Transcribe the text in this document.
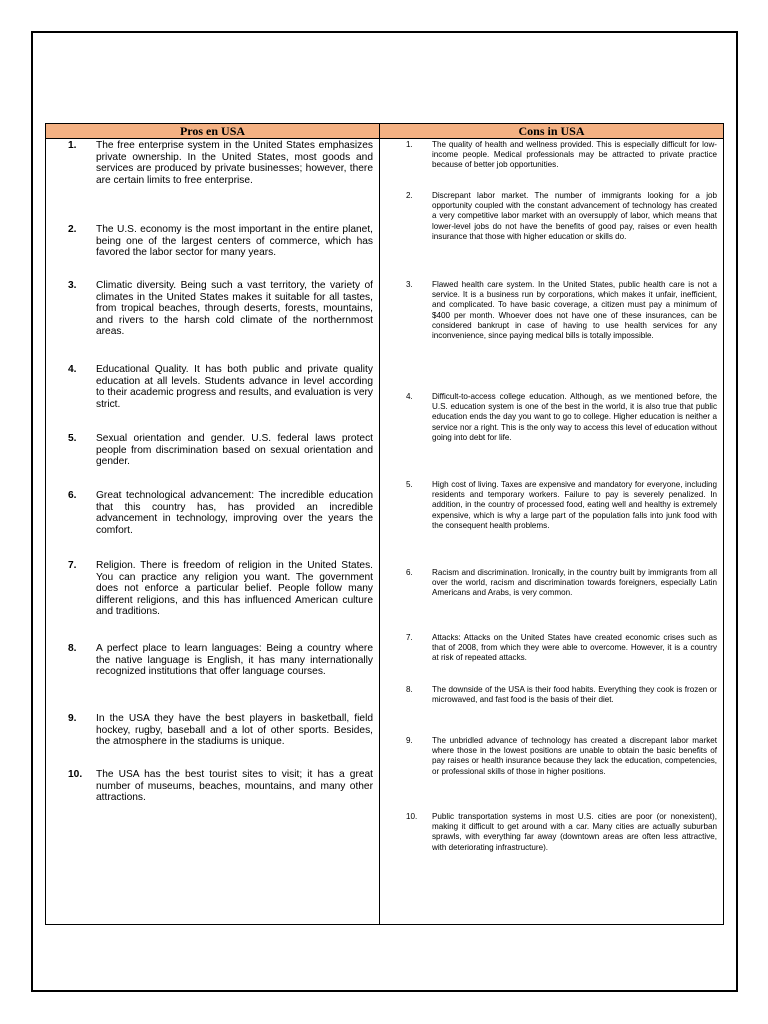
Pros en USA
1.	The free enterprise system in the United States emphasizes private ownership. In the United States, most goods and services are produced by private businesses; however, there are certain limits to free enterprise.
2.	The U.S. economy is the most important in the entire planet, being one of the largest centers of commerce, which has favored the labor sector for many years.
3.	Climatic diversity. Being such a vast territory, the variety of climates in the United States makes it suitable for all tastes, from tropical beaches, through deserts, forests, mountains, and rivers to the harsh cold climate of the northernmost areas.
4.	Educational Quality. It has both public and private quality education at all levels. Students advance in level according to their academic progress and results, and evaluation is very strict.
5.	Sexual orientation and gender. U.S. federal laws protect people from discrimination based on sexual orientation and gender.
6.	Great technological advancement: The incredible education that this country has, has provided an incredible advancement in technology, improving over the years the comfort.
7.	Religion. There is freedom of religion in the United States. You can practice any religion you want. The government does not enforce a particular belief. People follow many different religions, and this has influenced American culture and traditions.
8.	A perfect place to learn languages: Being a country where the native language is English, it has many internationally recognized institutions that offer language courses.
9.	In the USA they have the best players in basketball, field hockey, rugby, baseball and a lot of other sports. Besides, the atmosphere in the stadiums is unique.
10.	The USA has the best tourist sites to visit; it has a great number of museums, beaches, mountains, and many other attractions.
Cons in USA
1.	The quality of health and wellness provided. This is especially difficult for low-income people. Medical professionals may be attracted to private practice because of better job opportunities.
2.	Discrepant labor market. The number of immigrants looking for a job opportunity coupled with the constant advancement of technology has created a very competitive labor market with an oversupply of labor, which means that lower-level jobs do not have the benefits of good pay, raises or even health insurance that those with higher education or skills do.
3.	Flawed health care system. In the United States, public health care is not a service. It is a business run by corporations, which makes it unfair, inefficient, and complicated. To have basic coverage, a citizen must pay a minimum of $400 per month. Whoever does not have one of these insurances, can be considered bankrupt in case of having to use health services for any inconvenience, since paying medical bills is totally impossible.
4.	Difficult-to-access college education. Although, as we mentioned before, the U.S. education system is one of the best in the world, it is also true that public education ends the day you want to go to college. Higher education is neither a service nor a right. This is the only way to access this level of education without going into debt for life.
5.	High cost of living. Taxes are expensive and mandatory for everyone, including residents and temporary workers. Failure to pay is severely penalized. In addition, in the country of processed food, eating well and healthy is extremely expensive, which is why a large part of the population falls into junk food with the consequent health problems.
6.	Racism and discrimination. Ironically, in the country built by immigrants from all over the world, racism and discrimination towards foreigners, especially Latin Americans and Arabs, is very common.
7.	Attacks: Attacks on the United States have created economic crises such as that of 2008, from which they were able to overcome. However, it is a country at risk of repeated attacks.
8.	The downside of the USA is their food habits. Everything they cook is frozen or microwaved, and fast food is the basis of their diet.
9.	The unbridled advance of technology has created a discrepant labor market where those in the lowest positions are unable to obtain the basic benefits of pay raises or health insurance because they lack the education, competencies, or professional skills of those in higher positions.
10.	Public transportation systems in most U.S. cities are poor (or nonexistent), making it difficult to get around with a car. Many cities are actually suburban sprawls, with everything far away (downtown areas are often less attractive, with deteriorating infrastructure).
